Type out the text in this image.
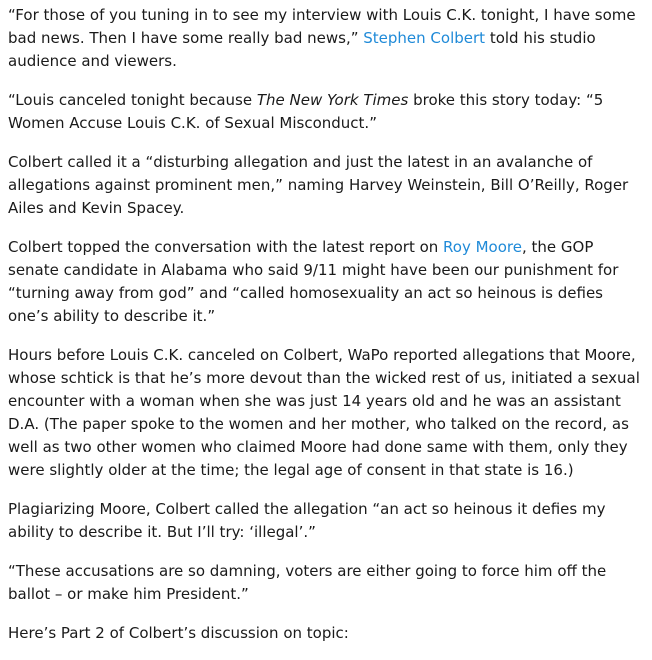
“For those of you tuning in to see my interview with Louis C.K. tonight, I have some bad news. Then I have some really bad news,” Stephen Colbert told his studio audience and viewers.

“Louis canceled tonight because The New York Times broke this story today: “5 Women Accuse Louis C.K. of Sexual Misconduct.”

Colbert called it a “disturbing allegation and just the latest in an avalanche of allegations against prominent men,” naming Harvey Weinstein, Bill O’Reilly, Roger Ailes and Kevin Spacey.

Colbert topped the conversation with the latest report on Roy Moore, the GOP senate candidate in Alabama who said 9/11 might have been our punishment for “turning away from god” and “called homosexuality an act so heinous is defies one’s ability to describe it.”

Hours before Louis C.K. canceled on Colbert, WaPo reported allegations that Moore, whose schtick is that he’s more devout than the wicked rest of us, initiated a sexual encounter with a woman when she was just 14 years old and he was an assistant D.A. (The paper spoke to the women and her mother, who talked on the record, as well as two other women who claimed Moore had done same with them, only they were slightly older at the time; the legal age of consent in that state is 16.)

Plagiarizing Moore, Colbert called the allegation “an act so heinous it defies my ability to describe it. But I’ll try: ‘illegal’.”

“These accusations are so damning, voters are either going to force him off the ballot – or make him President.”

Here’s Part 2 of Colbert’s discussion on topic:
